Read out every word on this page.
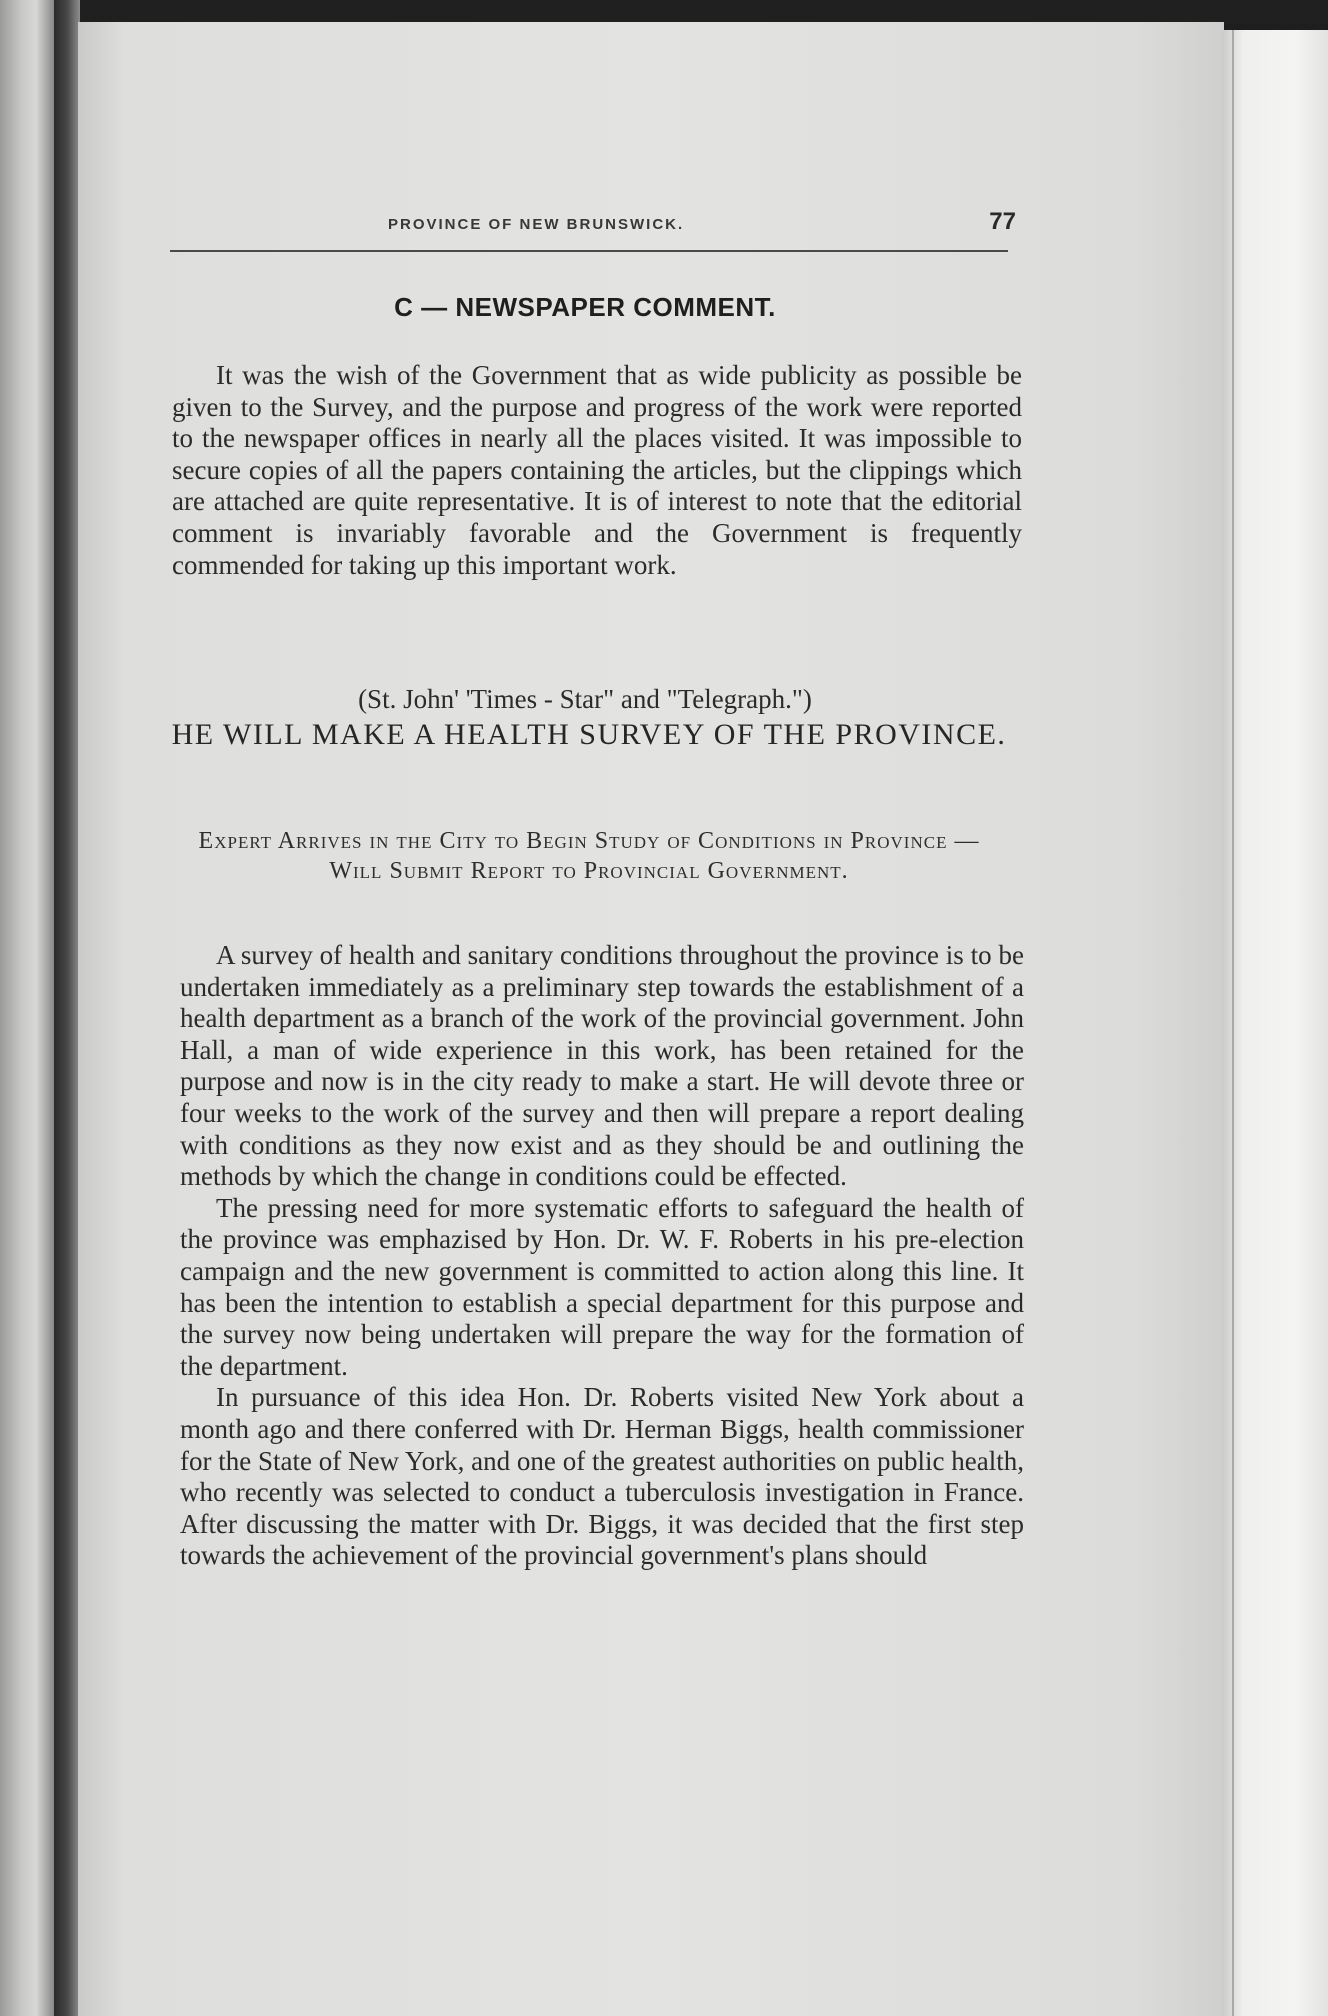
PROVINCE OF NEW BRUNSWICK.	77
C — NEWSPAPER COMMENT.

It was the wish of the Government that as wide publicity as possible be given to the Survey, and the purpose and progress of the work were reported to the newspaper offices in nearly all the places visited. It was impossible to secure copies of all the papers containing the articles, but the clippings which are attached are quite representative. It is of interest to note that the editorial comment is invariably favorable and the Government is frequently commended for taking up this important work.

(St. John' 'Times - Star" and "Telegraph.")
HE WILL MAKE A HEALTH SURVEY OF THE PROVINCE.
Expert Arrives in the City to Begin Study of Conditions in Province — Will Submit Report to Provincial Government.

A survey of health and sanitary conditions throughout the province is to be undertaken immediately as a preliminary step towards the establishment of a health department as a branch of the work of the provincial government. John Hall, a man of wide experience in this work, has been retained for the purpose and now is in the city ready to make a start. He will devote three or four weeks to the work of the survey and then will prepare a report dealing with conditions as they now exist and as they should be and outlining the methods by which the change in conditions could be effected.

The pressing need for more systematic efforts to safeguard the health of the province was emphazised by Hon. Dr. W. F. Roberts in his pre-election campaign and the new government is committed to action along this line. It has been the intention to establish a special department for this purpose and the survey now being undertaken will prepare the way for the formation of the department.

In pursuance of this idea Hon. Dr. Roberts visited New York about a month ago and there conferred with Dr. Herman Biggs, health commissioner for the State of New York, and one of the greatest authorities on public health, who recently was selected to conduct a tuberculosis investigation in France. After discussing the matter with Dr. Biggs, it was decided that the first step towards the achievement of the provincial government's plans should
